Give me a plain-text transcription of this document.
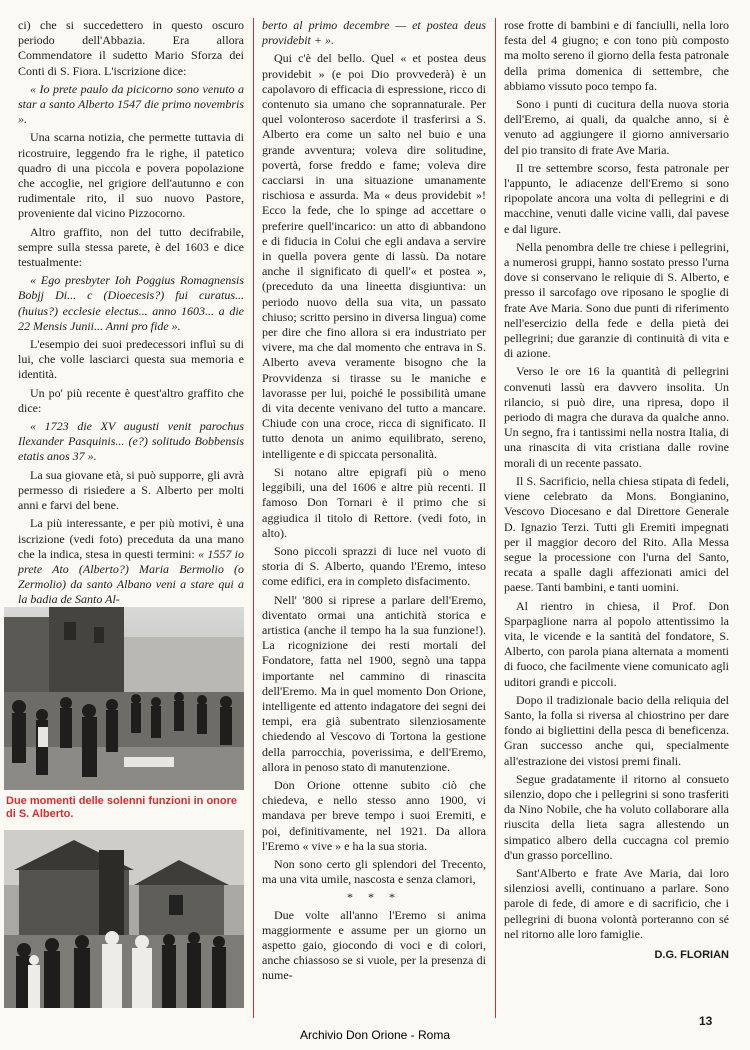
ci) che si succedettero in questo oscuro periodo dell'Abbazia. Era allora Commendatore il sudetto Mario Sforza dei Conti di S. Fiora. L'iscrizione dice:

« Io prete paulo da picicorno sono venuto a star a santo Alberto 1547 die primo novembris ».

Una scarna notizia, che permette tuttavia di ricostruire, leggendo fra le righe, il patetico quadro di una piccola e povera popolazione che accoglie, nel grigiore dell'autunno e con rudimentale rito, il suo nuovo Pastore, proveniente dal vicino Pizzocorno.

Altro graffito, non del tutto decifrabile, sempre sulla stessa parete, è del 1603 e dice testualmente:

« Ego presbyter Ioh Poggius Romagnensis Bobjj Di... c (Dioecesis?) fui curatus... (huius?) ecclesie electus... anno 1603... a die 22 Mensis Junii... Anni pro fide ».

L'esempio dei suoi predecessori influì su di lui, che volle lasciarci questa sua memoria e identità.

Un po' più recente è quest'altro graffito che dice:

« 1723 die XV augusti venit parochus Ilexander Pasquinis... (e?) solitudo Bobbensis etatis anos 37 ».

La sua giovane età, si può supporre, gli avrà permesso di risiedere a S. Alberto per molti anni e farvi del bene.

La più interessante, e per più motivi, è una iscrizione (vedi foto) preceduta da una mano che la indica, stesa in questi termini: « 1557 io prete Ato (Alberto?) Maria Bermolio (o Zermolio) da santo Albano veni a stare qui a la badia de Santo Al-

Due momenti delle solenni funzioni in onore di S. Alberto.

berto al primo decembre — et postea deus providebit + ».

Qui c'è del bello. Quel « et postea deus providebit » (e poi Dio provvederà) è un capolavoro di efficacia di espressione, ricco di contenuto sia umano che soprannaturale. Per quel volonteroso sacerdote il trasferirsi a S. Alberto era come un salto nel buio e una grande avventura; voleva dire solitudine, povertà, forse freddo e fame; voleva dire cacciarsi in una situazione umanamente rischiosa e assurda. Ma « deus providebit »! Ecco la fede, che lo spinge ad accettare o preferire quell'incarico: un atto di abbandono e di fiducia in Colui che egli andava a servire in quella povera gente di lassù. Da notare anche il significato di quell'« et postea », (preceduto da una lineetta disgiuntiva: un periodo nuovo della sua vita, un passato chiuso; scritto persino in diversa lingua) come per dire che fino allora si era industriato per vivere, ma che dal momento che entrava in S. Alberto aveva veramente bisogno che la Provvidenza si tirasse su le maniche e lavorasse per lui, poiché le possibilità umane di vita decente venivano del tutto a mancare. Chiude con una croce, ricca di significato. Il tutto denota un animo equilibrato, sereno, intelligente e di spiccata personalità.

Si notano altre epigrafi più o meno leggibili, una del 1606 e altre più recenti. Il famoso Don Tornari è il primo che si aggiudica il titolo di Rettore. (vedi foto, in alto).

Sono piccoli sprazzi di luce nel vuoto di storia di S. Alberto, quando l'Eremo, inteso come edifici, era in completo disfacimento.

Nell' '800 si riprese a parlare dell'Eremo, diventato ormai una antichità storica e artistica (anche il tempo ha la sua funzione!). La ricognizione dei resti mortali del Fondatore, fatta nel 1900, segnò una tappa importante nel cammino di rinascita dell'Eremo. Ma in quel momento Don Orione, intelligente ed attento indagatore dei segni dei tempi, era già subentrato silenziosamente chiedendo al Vescovo di Tortona la gestione della parrocchia, poverissima, e dell'Eremo, allora in penoso stato di manutenzione.

Don Orione ottenne subito ciò che chiedeva, e nello stesso anno 1900, vi mandava per breve tempo i suoi Eremiti, e poi, definitivamente, nel 1921. Da allora l'Eremo « vive » e ha la sua storia.

Non sono certo gli splendori del Trecento, ma una vita umile, nascosta e senza clamori,

* * *

Due volte all'anno l'Eremo si anima maggiormente e assume per un giorno un aspetto gaio, giocondo di voci e di colori, anche chiassoso se si vuole, per la presenza di nume-

rose frotte di bambini e di fanciulli, nella loro festa del 4 giugno; e con tono più composto ma molto sereno il giorno della festa patronale della prima domenica di settembre, che abbiamo vissuto poco tempo fa.

Sono i punti di cucitura della nuova storia dell'Eremo, ai quali, da qualche anno, si è venuto ad aggiungere il giorno anniversario del pio transito di frate Ave Maria.

Il tre settembre scorso, festa patronale per l'appunto, le adiacenze dell'Eremo si sono ripopolate ancora una volta di pellegrini e di macchine, venuti dalle vicine valli, dal pavese e dal ligure.

Nella penombra delle tre chiese i pellegrini, a numerosi gruppi, hanno sostato presso l'urna dove si conservano le reliquie di S. Alberto, e presso il sarcofago ove riposano le spoglie di frate Ave Maria. Sono due punti di riferimento nell'esercizio della fede e della pietà dei pellegrini; due garanzie di continuità di vita e di azione.

Verso le ore 16 la quantità di pellegrini convenuti lassù era davvero insolita. Un rilancio, si può dire, una ripresa, dopo il periodo di magra che durava da qualche anno. Un segno, fra i tantissimi nella nostra Italia, di una rinascita di vita cristiana dalle rovine morali di un recente passato.

Il S. Sacrificio, nella chiesa stipata di fedeli, viene celebrato da Mons. Bongianino, Vescovo Diocesano e dal Direttore Generale D. Ignazio Terzi. Tutti gli Eremiti impegnati per il maggior decoro del Rito. Alla Messa segue la processione con l'urna del Santo, recata a spalle dagli affezionati amici del paese. Tanti bambini, e tanti uomini.

Al rientro in chiesa, il Prof. Don Sparpaglione narra al popolo attentissimo la vita, le vicende e la santità del fondatore, S. Alberto, con parola piana alternata a momenti di fuoco, che facilmente viene comunicato agli uditori grandi e piccoli.

Dopo il tradizionale bacio della reliquia del Santo, la folla si riversa al chiostrino per dare fondo ai bigliettini della pesca di beneficenza. Gran successo anche qui, specialmente all'estrazione dei vistosi premi finali.

Segue gradatamente il ritorno al consueto silenzio, dopo che i pellegrini si sono trasferiti da Nino Nobile, che ha voluto collaborare alla riuscita della lieta sagra allestendo un simpatico albero della cuccagna col premio d'un grasso porcellino.

Sant'Alberto e frate Ave Maria, dai loro silenziosi avelli, continuano a parlare. Sono parole di fede, di amore e di sacrificio, che i pellegrini di buona volontà porteranno con sé nel ritorno alle loro famiglie.

D.G. FLORIAN
13
Archivio Don Orione - Roma
